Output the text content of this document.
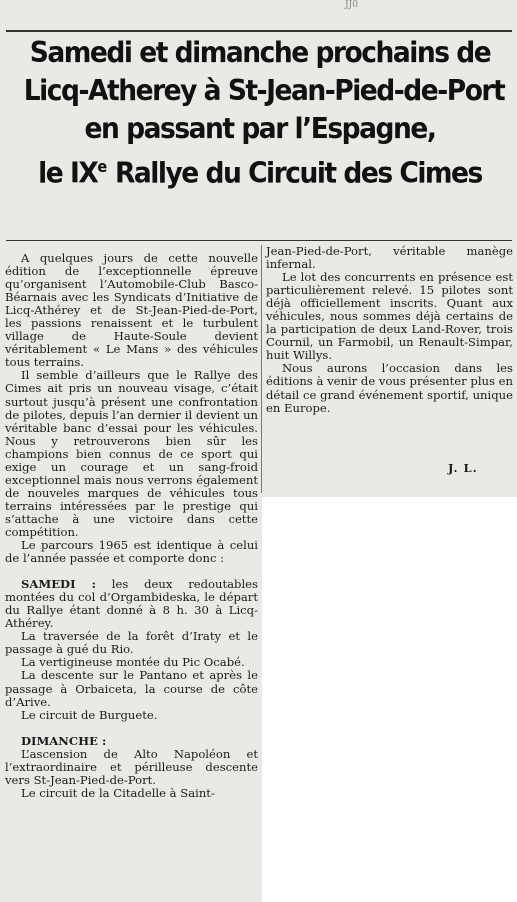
JJ0
Samedi et dimanche prochains de
Licq-Atherey à St-Jean-Pied-de-Port
en passant par l’Espagne,
le IXe Rallye du Circuit des Cimes

A quelques jours de cette nouvelle édition de l’exceptionnelle épreuve qu’organisent l’Automobile-Club Basco-Béarnais avec les Syndicats d’Initiative de Licq-Athérey et de St-Jean-Pied-de-Port, les passions renaissent et le turbulent village de Haute-Soule devient véritablement « Le Mans » des véhicules tous terrains.

Il semble d’ailleurs que le Rallye des Cimes ait pris un nouveau visage, c’était surtout jusqu’à présent une confrontation de pilotes, depuis l’an dernier il devient un véritable banc d’essai pour les véhicules. Nous y retrouverons bien sûr les champions bien connus de ce sport qui exige un courage et un sang-froid exceptionnel mais nous verrons également de nouveles marques de véhicules tous terrains intéressées par le prestige qui s’attache à une victoire dans cette compétition.

Le parcours 1965 est identique à celui de l’année passée et comporte donc :

SAMEDI : les deux redoutables montées du col d’Orgambideska, le départ du Rallye étant donné à 8 h. 30 à Licq-Athérey.

La traversée de la forêt d’Iraty et le passage à gué du Rio.

La vertigineuse montée du Pic Ocabé.

La descente sur le Pantano et après le passage à Orbaiceta, la course de côte d’Arive.

Le circuit de Burguete.

DIMANCHE :

L’ascension de Alto Napoléon et l’extraordinaire et périlleuse descente vers St-Jean-Pied-de-Port.

Le circuit de la Citadelle à Saint-

Jean-Pied-de-Port, véritable manège infernal.

Le lot des concurrents en présence est particulièrement relevé. 15 pilotes sont déjà officiellement inscrits. Quant aux véhicules, nous sommes déjà certains de la participation de deux Land-Rover, trois Cournil, un Farmobil, un Renault-Simpar, huit Willys.

Nous aurons l’occasion dans les éditions à venir de vous présenter plus en détail ce grand événement sportif, unique en Europe.

J. L.
